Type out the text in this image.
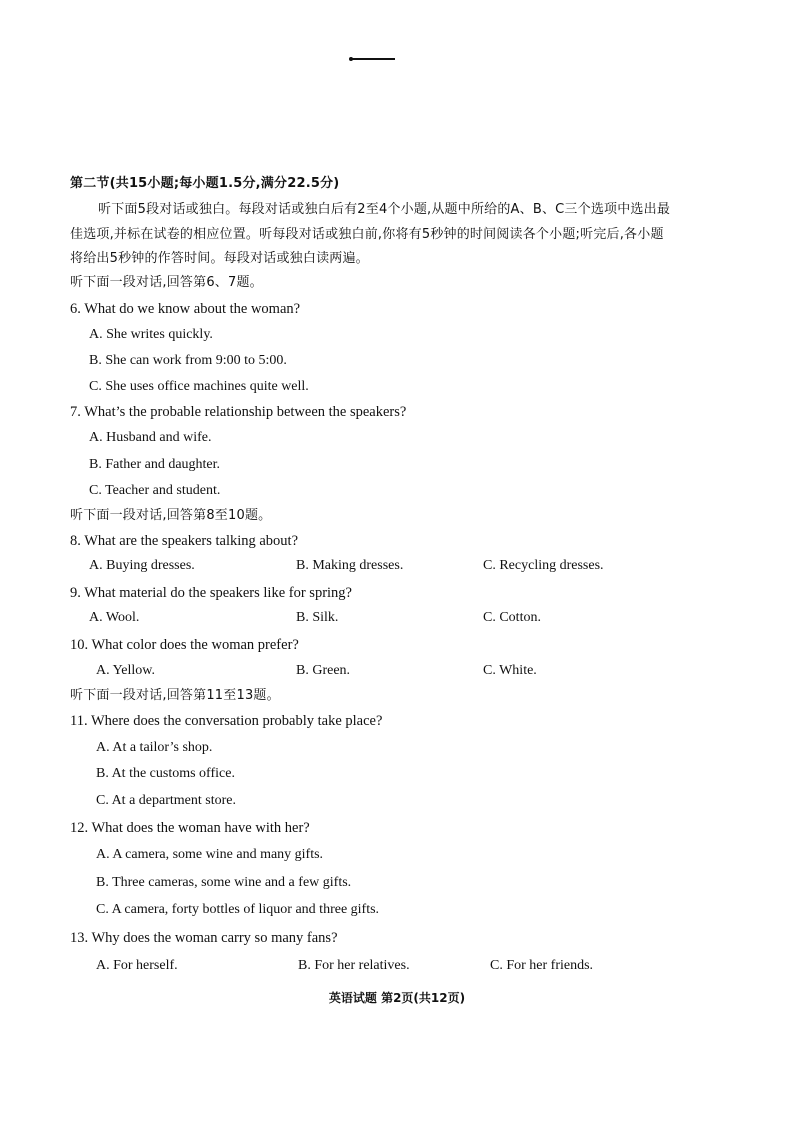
第二节(共15小题;每小题1.5分,满分22.5分)
听下面5段对话或独白。每段对话或独白后有2至4个小题,从题中所给的A、B、C三个选项中选出最
佳选项,并标在试卷的相应位置。听每段对话或独白前,你将有5秒钟的时间阅读各个小题;听完后,各小题
将给出5秒钟的作答时间。每段对话或独白读两遍。
听下面一段对话,回答第6、7题。
6. What do we know about the woman?
A. She writes quickly.
B. She can work from 9:00 to 5:00.
C. She uses office machines quite well.
7. What’s the probable relationship between the speakers?
A. Husband and wife.
B. Father and daughter.
C. Teacher and student.
听下面一段对话,回答第8至10题。
8. What are the speakers talking about?
A. Buying dresses.	B. Making dresses.	C. Recycling dresses.
9. What material do the speakers like for spring?
A. Wool.	B. Silk.	C. Cotton.
10. What color does the woman prefer?
A. Yellow.	B. Green.	C. White.
听下面一段对话,回答第11至13题。
11. Where does the conversation probably take place?
A. At a tailor’s shop.
B. At the customs office.
C. At a department store.
12. What does the woman have with her?
A. A camera, some wine and many gifts.
B. Three cameras, some wine and a few gifts.
C. A camera, forty bottles of liquor and three gifts.
13. Why does the woman carry so many fans?
A. For herself.	B. For her relatives.	C. For her friends.
英语试题 第2页(共12页)
